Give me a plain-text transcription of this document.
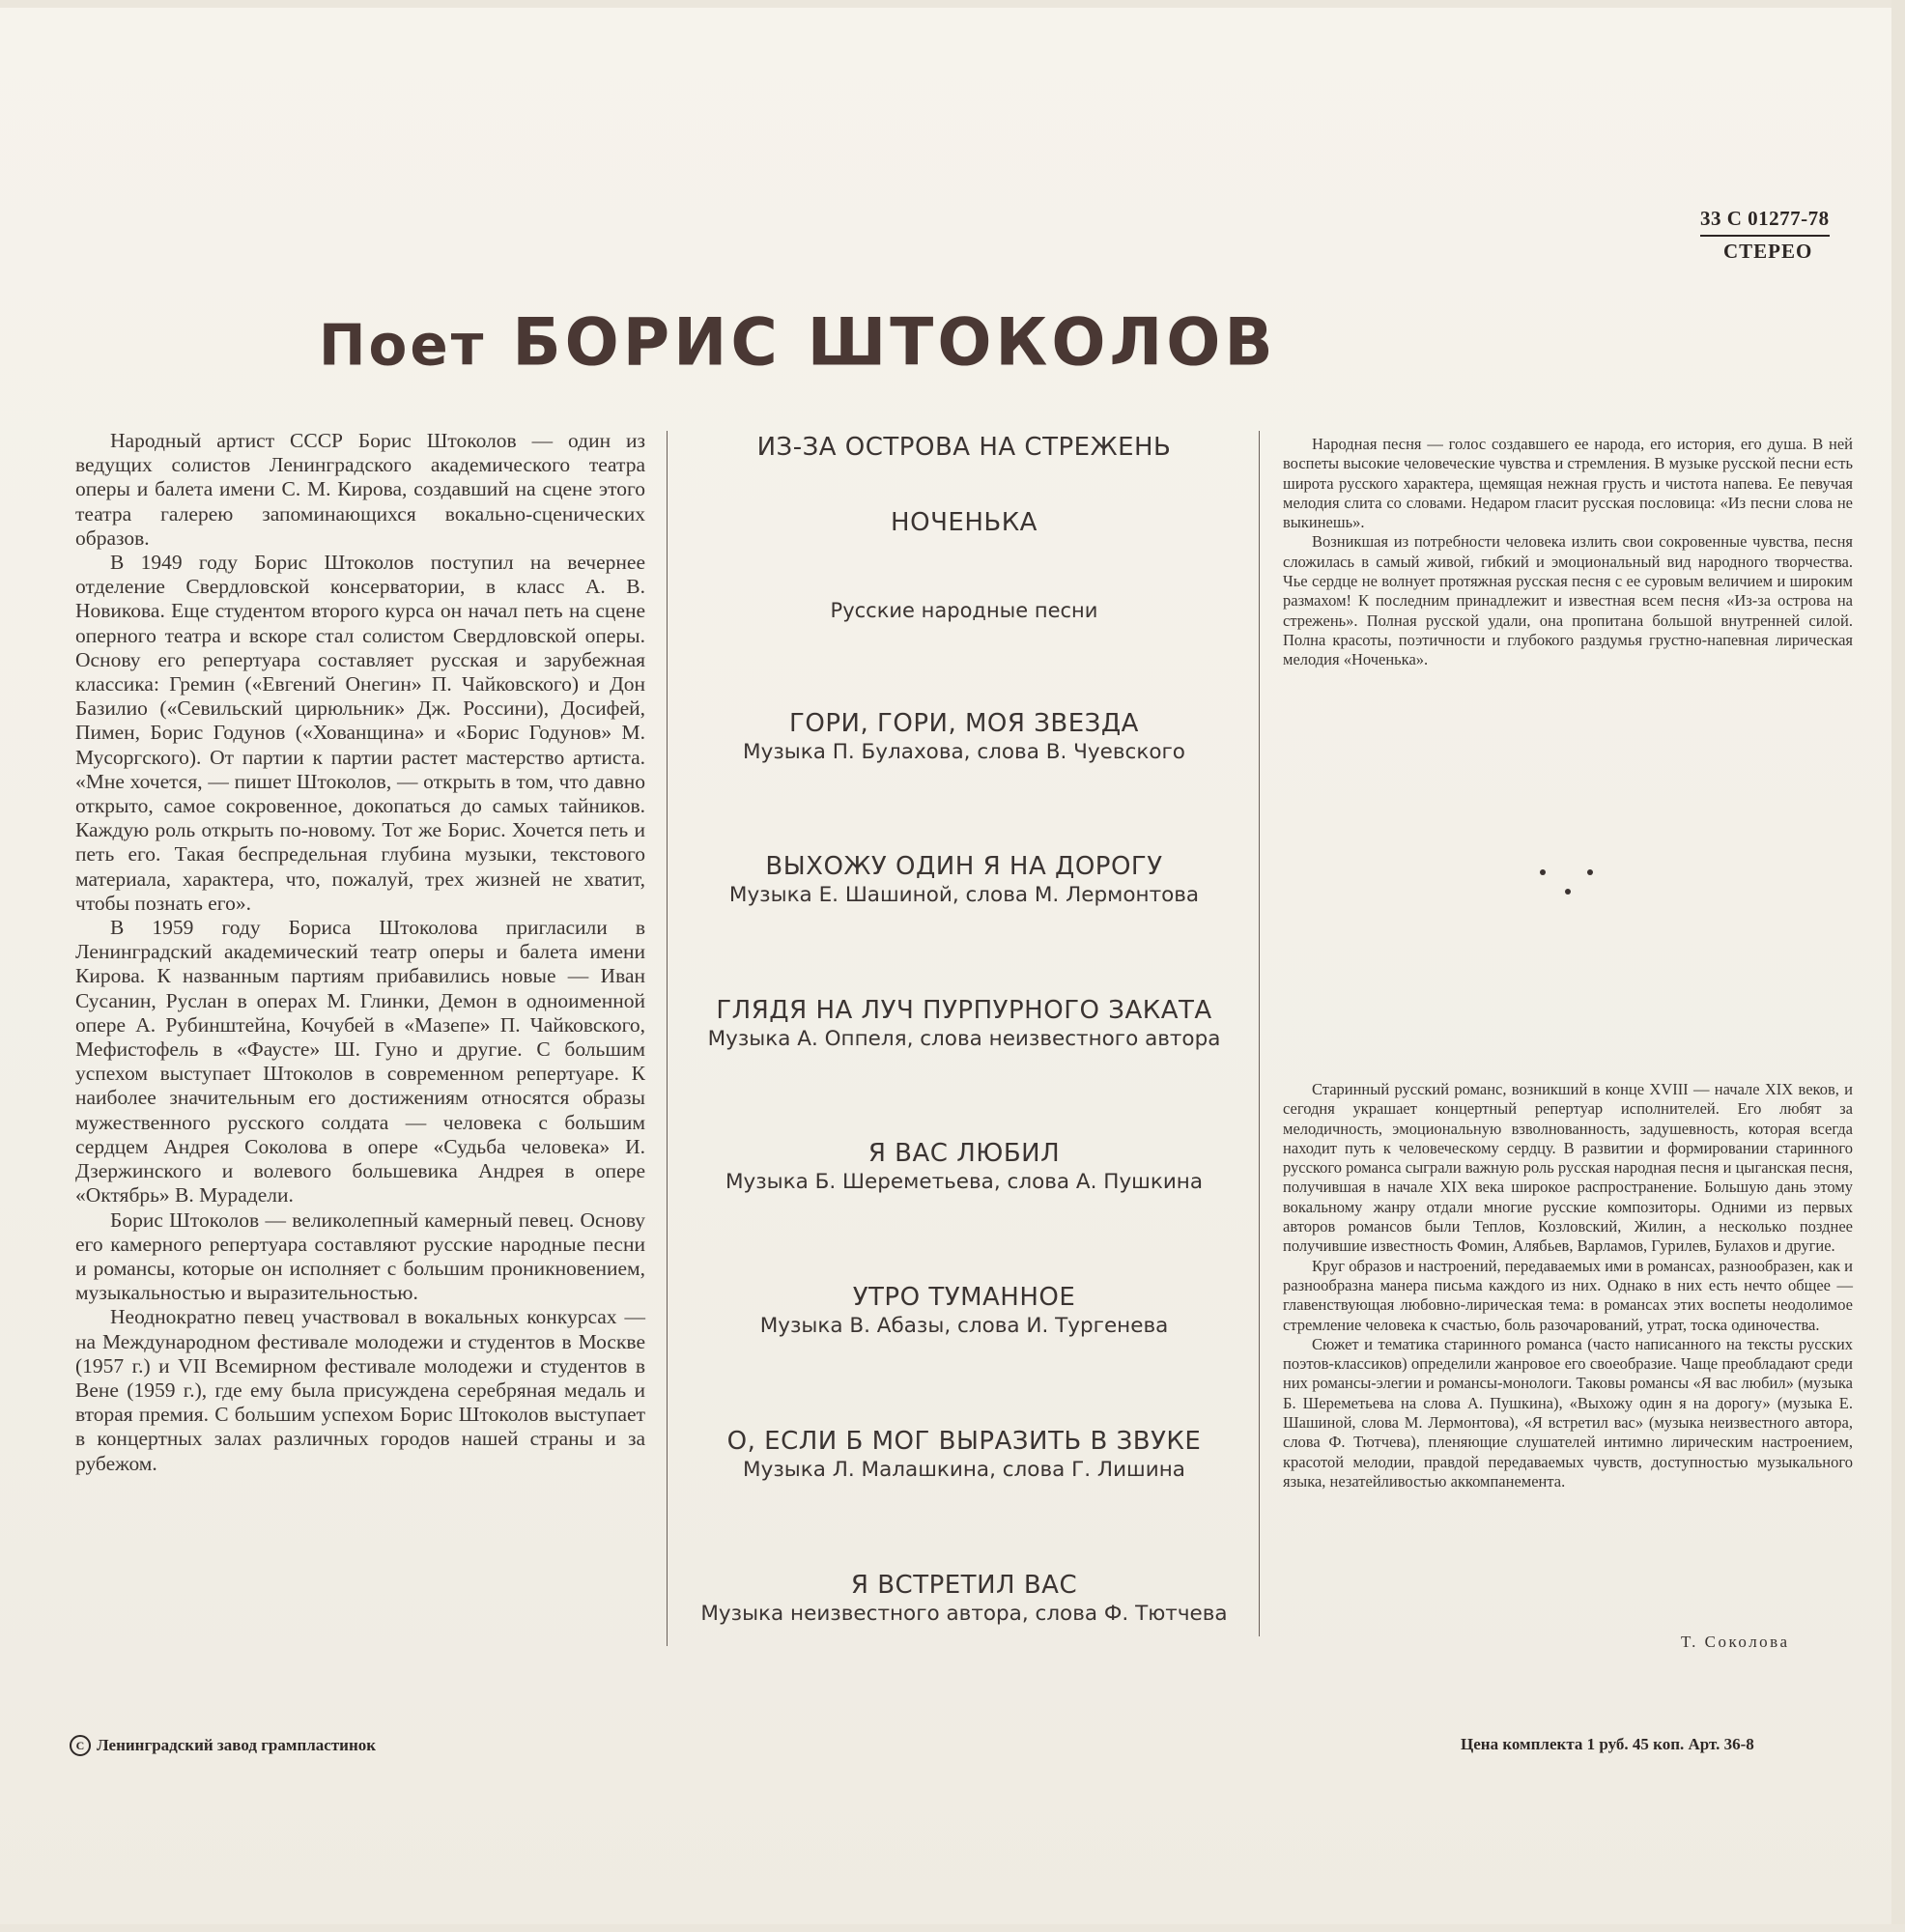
33 С 01277-78
СТЕРЕО
Поет БОРИС ШТОКОЛОВ

Народный артист СССР Борис Штоколов — один из ведущих солистов Ленинградского академического театра оперы и балета имени С. М. Кирова, создавший на сцене этого театра галерею запоминающихся вокально-сценических образов.

В 1949 году Борис Штоколов поступил на вечернее отделение Свердловской консерватории, в класс А. В. Новикова. Еще студентом второго курса он начал петь на сцене оперного театра и вскоре стал солистом Свердловской оперы. Основу его репертуара составляет русская и зарубежная классика: Гремин («Евгений Онегин» П. Чайковского) и Дон Базилио («Севильский цирюльник» Дж. Россини), Досифей, Пимен, Борис Годунов («Хованщина» и «Борис Годунов» М. Мусоргского). От партии к партии растет мастерство артиста. «Мне хочется, — пишет Штоколов, — открыть в том, что давно открыто, самое сокровенное, докопаться до самых тайников. Каждую роль открыть по-новому. Тот же Борис. Хочется петь и петь его. Такая беспредельная глубина музыки, текстового материала, характера, что, пожалуй, трех жизней не хватит, чтобы познать его».

В 1959 году Бориса Штоколова пригласили в Ленинградский академический театр оперы и балета имени Кирова. К названным партиям прибавились новые — Иван Сусанин, Руслан в операх М. Глинки, Демон в одноименной опере А. Рубинштейна, Кочубей в «Мазепе» П. Чайковского, Мефистофель в «Фаусте» Ш. Гуно и другие. С большим успехом выступает Штоколов в современном репертуаре. К наиболее значительным его достижениям относятся образы мужественного русского солдата — человека с большим сердцем Андрея Соколова в опере «Судьба человека» И. Дзержинского и волевого большевика Андрея в опере «Октябрь» В. Мурадели.

Борис Штоколов — великолепный камерный певец. Основу его камерного репертуара составляют русские народные песни и романсы, которые он исполняет с большим проникновением, музыкальностью и выразительностью.

Неоднократно певец участвовал в вокальных конкурсах — на Международном фестивале молодежи и студентов в Москве (1957 г.) и VII Всемирном фестивале молодежи и студентов в Вене (1959 г.), где ему была присуждена серебряная медаль и вторая премия. С большим успехом Борис Штоколов выступает в концертных залах различных городов нашей страны и за рубежом.

ИЗ-ЗА ОСТРОВА НА СТРЕЖЕНЬ
НОЧЕНЬКА
Русские народные песни
ГОРИ, ГОРИ, МОЯ ЗВЕЗДА
Музыка П. Булахова, слова В. Чуевского
ВЫХОЖУ ОДИН Я НА ДОРОГУ
Музыка Е. Шашиной, слова М. Лермонтова
ГЛЯДЯ НА ЛУЧ ПУРПУРНОГО ЗАКАТА
Музыка А. Оппеля, слова неизвестного автора
Я ВАС ЛЮБИЛ
Музыка Б. Шереметьева, слова А. Пушкина
УТРО ТУМАННОЕ
Музыка В. Абазы, слова И. Тургенева
О, ЕСЛИ Б МОГ ВЫРАЗИТЬ В ЗВУКЕ
Музыка Л. Малашкина, слова Г. Лишина
Я ВСТРЕТИЛ ВАС
Музыка неизвестного автора, слова Ф. Тютчева

Народная песня — голос создавшего ее народа, его история, его душа. В ней воспеты высокие человеческие чувства и стремления. В музыке русской песни есть широта русского характера, щемящая нежная грусть и чистота напева. Ее певучая мелодия слита со словами. Недаром гласит русская пословица: «Из песни слова не выкинешь».

Возникшая из потребности человека излить свои сокровенные чувства, песня сложилась в самый живой, гибкий и эмоциональный вид народного творчества. Чье сердце не волнует протяжная русская песня с ее суровым величием и широким размахом! К последним принадлежит и известная всем песня «Из-за острова на стрежень». Полная русской удали, она пропитана большой внутренней силой. Полна красоты, поэтичности и глубокого раздумья грустно-напевная лирическая мелодия «Ноченька».

Старинный русский романс, возникший в конце XVIII — начале XIX веков, и сегодня украшает концертный репертуар исполнителей. Его любят за мелодичность, эмоциональную взволнованность, задушевность, которая всегда находит путь к человеческому сердцу. В развитии и формировании старинного русского романса сыграли важную роль русская народная песня и цыганская песня, получившая в начале XIX века широкое распространение. Большую дань этому вокальному жанру отдали многие русские композиторы. Одними из первых авторов романсов были Теплов, Козловский, Жилин, а несколько позднее получившие известность Фомин, Алябьев, Варламов, Гурилев, Булахов и другие.

Круг образов и настроений, передаваемых ими в романсах, разнообразен, как и разнообразна манера письма каждого из них. Однако в них есть нечто общее — главенствующая любовно-лирическая тема: в романсах этих воспеты неодолимое стремление человека к счастью, боль разочарований, утрат, тоска одиночества.

Сюжет и тематика старинного романса (часто написанного на тексты русских поэтов-классиков) определили жанровое его своеобразие. Чаще преобладают среди них романсы-элегии и романсы-монологи. Таковы романсы «Я вас любил» (музыка Б. Шереметьева на слова А. Пушкина), «Выхожу один я на дорогу» (музыка Е. Шашиной, слова М. Лермонтова), «Я встретил вас» (музыка неизвестного автора, слова Ф. Тютчева), пленяющие слушателей интимно лирическим настроением, красотой мелодии, правдой передаваемых чувств, доступностью музыкального языка, незатейливостью аккомпанемента.

Т. Соколова
C Ленинградский завод грампластинок	Цена комплекта 1 руб. 45 коп. Арт. 36-8
